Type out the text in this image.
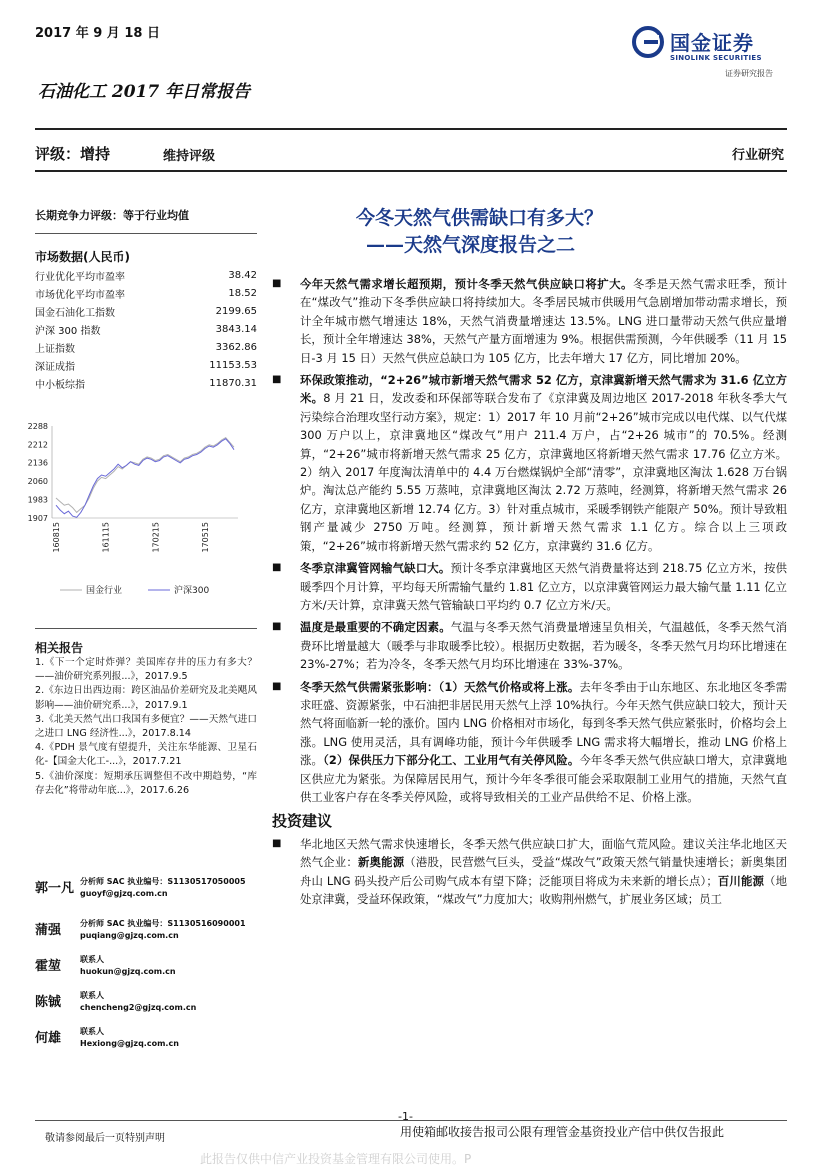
2017 年 9 月 18 日	国金证券
SINOLINK SECURITIES
证券研究报告
石油化工 2017 年日常报告
评级：增持	维持评级	行业研究
长期竞争力评级：等于行业均值
市场数据(人民币)
行业优化平均市盈率	38.42
市场优化平均市盈率	18.52
国金石油化工指数	2199.65
沪深 300 指数	3843.14
上证指数	3362.86
深证成指	11153.53
中小板综指	11870.31
2288
2212
2136
2060
1983
1907
160815	161115	170215	170515
国金行业	沪深300
相关报告
1.《下一个定时炸弹？美国库存井的压力有多大？——油价研究系列报...》，2017.9.5
2.《东边日出西边雨：跨区油品价差研究及北美飓风影响——油价研究系...》，2017.9.1
3.《北美天然气出口我国有多便宜？——天然气进口之进口 LNG 经济性...》，2017.8.14
4.《PDH 景气度有望提升，关注东华能源、卫星石化-【国金大化工-...》，2017.7.21
5.《油价深度：短期承压调整但不改中期趋势，“库存去化”将带动年底...》，2017.6.26
郭一凡 分析师 SAC 执业编号：S1130517050005
guoyf@gjzq.com.cn
蒲强 分析师 SAC 执业编号：S1130516090001
puqiang@gjzq.com.cn
霍堃 联系人
huokun@gjzq.com.cn
陈铖 联系人
chencheng2@gjzq.com.cn
何雄 联系人
Hexiong@gjzq.com.cn
今冬天然气供需缺口有多大？
——天然气深度报告之二
■ 今年天然气需求增长超预期，预计冬季天然气供应缺口将扩大。冬季是天然气需求旺季，预计在“煤改气”推动下冬季供应缺口将持续加大。冬季居民城市供暖用气急剧增加带动需求增长，预计全年城市燃气增速达 18%，天然气消费量增速达 13.5%。LNG 进口量带动天然气供应量增长，预计全年增速达 38%，天然气产量方面增速为 9%。根据供需预测，今年供暖季（11 月 15 日-3 月 15 日）天然气供应总缺口为 105 亿方，比去年增大 17 亿方，同比增加 20%。
■ 环保政策推动，“2+26”城市新增天然气需求 52 亿方，京津冀新增天然气需求为 31.6 亿立方米。8 月 21 日，发改委和环保部等联合发布了《京津冀及周边地区 2017-2018 年秋冬季大气污染综合治理攻坚行动方案》，规定：1）2017 年 10 月前“2+26”城市完成以电代煤、以气代煤 300 万户以上，京津冀地区“煤改气”用户 211.4 万户，占“2+26 城市”的 70.5%。经测算，“2+26”城市将新增天然气需求 25 亿方，京津冀地区将新增天然气需求 17.76 亿立方米。2）纳入 2017 年度淘汰清单中的 4.4 万台燃煤锅炉全部“清零”，京津冀地区淘汰 1.628 万台锅炉。淘汰总产能约 5.55 万蒸吨，京津冀地区淘汰 2.72 万蒸吨，经测算，将新增天然气需求 26 亿方，京津冀地区新增 12.74 亿方。3）针对重点城市，采暖季钢铁产能限产 50%。预计导致粗钢产量减少 2750 万吨。经测算，预计新增天然气需求 1.1 亿方。综合以上三项政策，“2+26”城市将新增天然气需求约 52 亿方，京津冀约 31.6 亿方。
■ 冬季京津冀管网输气缺口大。预计冬季京津冀地区天然气消费量将达到 218.75 亿立方米，按供暖季四个月计算，平均每天所需输气量约 1.81 亿立方，以京津冀管网运力最大输气量 1.11 亿立方米/天计算，京津冀天然气管输缺口平均约 0.7 亿立方米/天。
■ 温度是最重要的不确定因素。气温与冬季天然气消费量增速呈负相关，气温越低，冬季天然气消费环比增量越大（暖季与非取暖季比较）。根据历史数据，若为暖冬，冬季天然气月均环比增速在 23%-27%；若为冷冬，冬季天然气月均环比增速在 33%-37%。
■ 冬季天然气供需紧张影响：（1）天然气价格或将上涨。去年冬季由于山东地区、东北地区冬季需求旺盛、资源紧张，中石油把非居民用天然气上浮 10%执行。今年天然气供应缺口较大，预计天然气将面临新一轮的涨价。国内 LNG 价格相对市场化，每到冬季天然气供应紧张时，价格均会上涨。LNG 使用灵活，具有调峰功能，预计今年供暖季 LNG 需求将大幅增长，推动 LNG 价格上涨。（2）保供压力下部分化工、工业用气有关停风险。今年冬季天然气供应缺口增大，京津冀地区供应尤为紧张。为保障居民用气，预计今年冬季很可能会采取限制工业用气的措施，天然气直供工业客户存在冬季关停风险，或将导致相关的工业产品供给不足、价格上涨。
投资建议
■ 华北地区天然气需求快速增长，冬季天然气供应缺口扩大，面临气荒风险。建议关注华北地区天然气企业：新奥能源（港股，民营燃气巨头，受益“煤改气”政策天然气销量快速增长；新奥集团舟山 LNG 码头投产后公司购气成本有望下降；泛能项目将成为未来新的增长点）；百川能源（地处京津冀，受益环保政策，“煤改气”力度加大；收购荆州燃气，扩展业务区域；员工
敬请参阅最后一页特别声明
-1-
用使箱邮收接告报司公限有理管金基资投业产信中供仅告报此
此报告仅供中信产业投资基金管理有限公司使用。P
